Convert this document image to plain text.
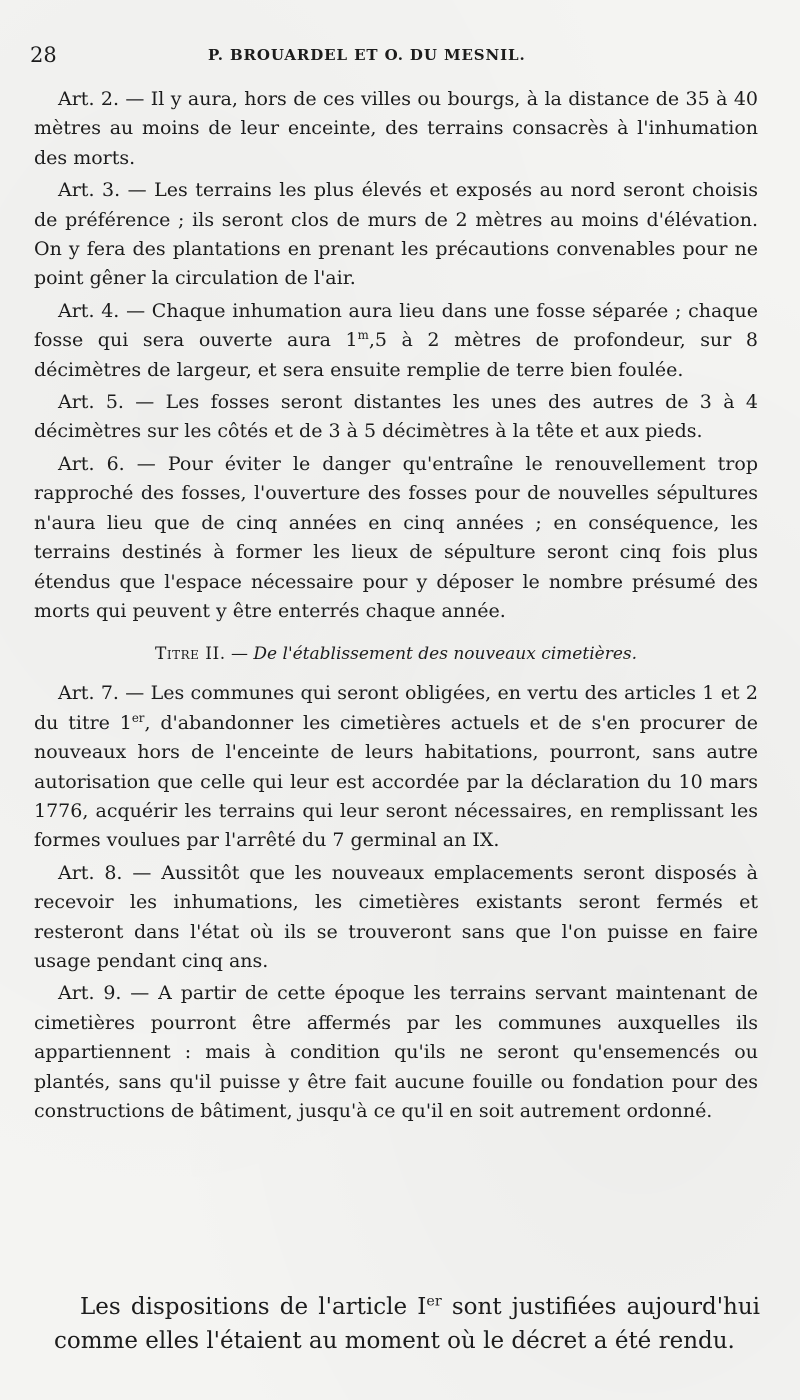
28	P. BROUARDEL ET O. DU MESNIL.

Art. 2. — Il y aura, hors de ces villes ou bourgs, à la distance de 35 à 40 mètres au moins de leur enceinte, des terrains consacrès à l'inhumation des morts.

Art. 3. — Les terrains les plus élevés et exposés au nord seront choisis de préférence ; ils seront clos de murs de 2 mètres au moins d'élévation. On y fera des plantations en prenant les précautions convenables pour ne point gêner la circulation de l'air.

Art. 4. — Chaque inhumation aura lieu dans une fosse séparée ; chaque fosse qui sera ouverte aura 1$^m$,5 à 2 mètres de profondeur, sur 8 décimètres de largeur, et sera ensuite remplie de terre bien foulée.

Art. 5. — Les fosses seront distantes les unes des autres de 3 à 4 décimètres sur les côtés et de 3 à 5 décimètres à la tête et aux pieds.

Art. 6. — Pour éviter le danger qu'entraîne le renouvellement trop rapproché des fosses, l'ouverture des fosses pour de nouvelles sépultures n'aura lieu que de cinq années en cinq années ; en conséquence, les terrains destinés à former les lieux de sépulture seront cinq fois plus étendus que l'espace nécessaire pour y déposer le nombre présumé des morts qui peuvent y être enterrés chaque année.

Titre II. — De l'établissement des nouveaux cimetières.

Art. 7. — Les communes qui seront obligées, en vertu des articles 1 et 2 du titre 1er, d'abandonner les cimetières actuels et de s'en procurer de nouveaux hors de l'enceinte de leurs habitations, pourront, sans autre autorisation que celle qui leur est accordée par la déclaration du 10 mars 1776, acquérir les terrains qui leur seront nécessaires, en remplissant les formes voulues par l'arrêté du 7 germinal an IX.

Art. 8. — Aussitôt que les nouveaux emplacements seront disposés à recevoir les inhumations, les cimetières existants seront fermés et resteront dans l'état où ils se trouveront sans que l'on puisse en faire usage pendant cinq ans.

Art. 9. — A partir de cette époque les terrains servant maintenant de cimetières pourront être affermés par les communes auxquelles ils appartiennent : mais à condition qu'ils ne seront qu'ensemencés ou plantés, sans qu'il puisse y être fait aucune fouille ou fondation pour des constructions de bâtiment, jusqu'à ce qu'il en soit autrement ordonné.

Les dispositions de l'article Ier sont justifiées aujourd'hui comme elles l'étaient au moment où le décret a été rendu.
